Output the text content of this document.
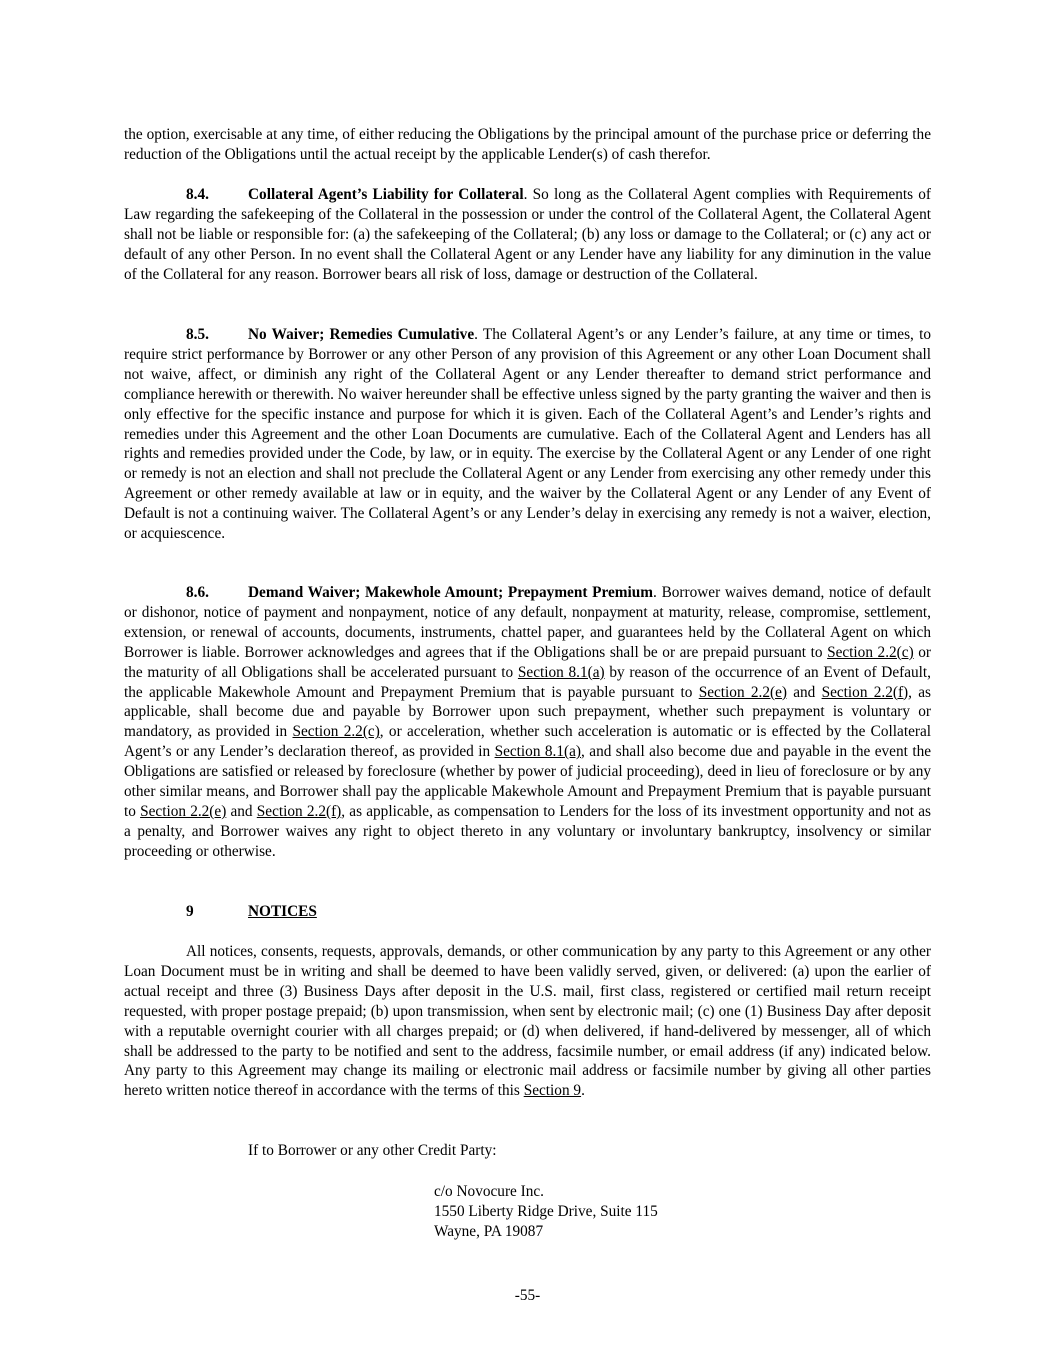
the option, exercisable at any time, of either reducing the Obligations by the principal amount of the purchase price or deferring the reduction of the Obligations until the actual receipt by the applicable Lender(s) of cash therefor.

8.4.	Collateral Agent’s Liability for Collateral. So long as the Collateral Agent complies with Requirements of Law regarding the safekeeping of the Collateral in the possession or under the control of the Collateral Agent, the Collateral Agent shall not be liable or responsible for: (a) the safekeeping of the Collateral; (b) any loss or damage to the Collateral; or (c) any act or default of any other Person. In no event shall the Collateral Agent or any Lender have any liability for any diminution in the value of the Collateral for any reason. Borrower bears all risk of loss, damage or destruction of the Collateral.

8.5.	No Waiver; Remedies Cumulative. The Collateral Agent’s or any Lender’s failure, at any time or times, to require strict performance by Borrower or any other Person of any provision of this Agreement or any other Loan Document shall not waive, affect, or diminish any right of the Collateral Agent or any Lender thereafter to demand strict performance and compliance herewith or therewith. No waiver hereunder shall be effective unless signed by the party granting the waiver and then is only effective for the specific instance and purpose for which it is given. Each of the Collateral Agent’s and Lender’s rights and remedies under this Agreement and the other Loan Documents are cumulative. Each of the Collateral Agent and Lenders has all rights and remedies provided under the Code, by law, or in equity. The exercise by the Collateral Agent or any Lender of one right or remedy is not an election and shall not preclude the Collateral Agent or any Lender from exercising any other remedy under this Agreement or other remedy available at law or in equity, and the waiver by the Collateral Agent or any Lender of any Event of Default is not a continuing waiver. The Collateral Agent’s or any Lender’s delay in exercising any remedy is not a waiver, election, or acquiescence.

8.6.	Demand Waiver; Makewhole Amount; Prepayment Premium. Borrower waives demand, notice of default or dishonor, notice of payment and nonpayment, notice of any default, nonpayment at maturity, release, compromise, settlement, extension, or renewal of accounts, documents, instruments, chattel paper, and guarantees held by the Collateral Agent on which Borrower is liable. Borrower acknowledges and agrees that if the Obligations shall be or are prepaid pursuant to Section 2.2(c) or the maturity of all Obligations shall be accelerated pursuant to Section 8.1(a) by reason of the occurrence of an Event of Default, the applicable Makewhole Amount and Prepayment Premium that is payable pursuant to Section 2.2(e) and Section 2.2(f), as applicable, shall become due and payable by Borrower upon such prepayment, whether such prepayment is voluntary or mandatory, as provided in Section 2.2(c), or acceleration, whether such acceleration is automatic or is effected by the Collateral Agent’s or any Lender’s declaration thereof, as provided in Section 8.1(a), and shall also become due and payable in the event the Obligations are satisfied or released by foreclosure (whether by power of judicial proceeding), deed in lieu of foreclosure or by any other similar means, and Borrower shall pay the applicable Makewhole Amount and Prepayment Premium that is payable pursuant to Section 2.2(e) and Section 2.2(f), as applicable, as compensation to Lenders for the loss of its investment opportunity and not as a penalty, and Borrower waives any right to object thereto in any voluntary or involuntary bankruptcy, insolvency or similar proceeding or otherwise.

9	NOTICES

All notices, consents, requests, approvals, demands, or other communication by any party to this Agreement or any other Loan Document must be in writing and shall be deemed to have been validly served, given, or delivered: (a) upon the earlier of actual receipt and three (3) Business Days after deposit in the U.S. mail, first class, registered or certified mail return receipt requested, with proper postage prepaid; (b) upon transmission, when sent by electronic mail; (c) one (1) Business Day after deposit with a reputable overnight courier with all charges prepaid; or (d) when delivered, if hand-delivered by messenger, all of which shall be addressed to the party to be notified and sent to the address, facsimile number, or email address (if any) indicated below. Any party to this Agreement may change its mailing or electronic mail address or facsimile number by giving all other parties hereto written notice thereof in accordance with the terms of this Section 9.

If to Borrower or any other Credit Party:
c/o Novocure Inc.
1550 Liberty Ridge Drive, Suite 115
Wayne, PA 19087
-55-
